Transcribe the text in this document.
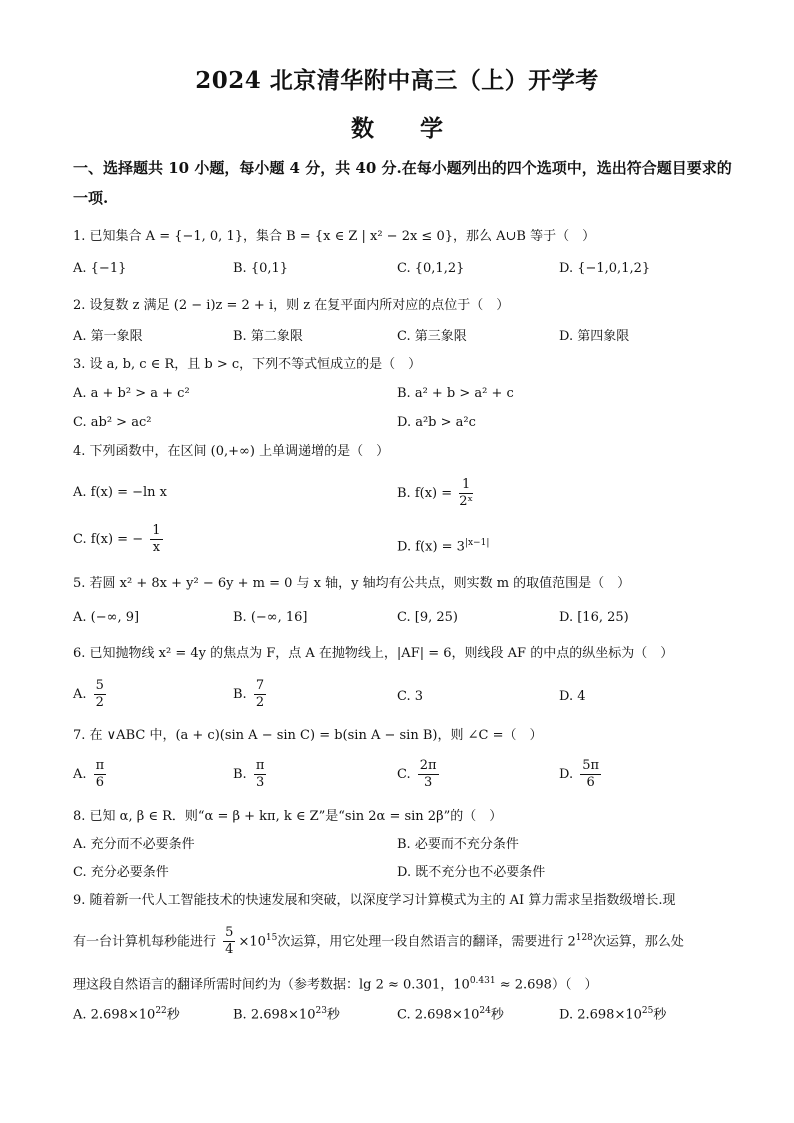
2024 北京清华附中高三（上）开学考
数学
一、选择题共 10 小题，每小题 4 分，共 40 分.在每小题列出的四个选项中，选出符合题目要求的一项.
1. 已知集合 A = {−1, 0, 1}，集合 B = {x ∈ Z | x² − 2x ≤ 0}，那么 A∪B 等于（　）
A. {−1}	B. {0,1}	C. {0,1,2}	D. {−1,0,1,2}
2. 设复数 z 满足 (2 − i)z = 2 + i，则 z 在复平面内所对应的点位于（　）
A. 第一象限	B. 第二象限	C. 第三象限	D. 第四象限
3. 设 a, b, c ∈ R，且 b > c，下列不等式恒成立的是（　）
A. a + b² > a + c²	B. a² + b > a² + c
C. ab² > ac²	D. a²b > a²c
4. 下列函数中，在区间 (0,+∞) 上单调递增的是（　）
A. f(x) = −ln x	B. $f(x) = \frac{1}{\text{2ˣ}}$
C. f(x) = − $\frac{1}{x}$	D. $f(x) = 3^{|x-1|}$
5. 若圆 x² + 8x + y² − 6y + m = 0 与 x 轴，y 轴均有公共点，则实数 m 的取值范围是（　）
A. (−∞, 9]	B. (−∞, 16]	C. [9, 25)	D. [16, 25)
6. 已知抛物线 x² = 4y 的焦点为 F，点 A 在抛物线上，|AF| = 6，则线段 AF 的中点的纵坐标为（　）
A. $\frac{5}{2}$	B. $\frac{7}{2}$	C. 3	D. 4
7. 在 ∨ABC 中，(a + c)(sin A − sin C) = b(sin A − sin B)，则 ∠C =（　）
A. $\frac{\pi}{6}$	B. $\frac{\pi}{3}$	C. $\frac{2\pi}{3}$	D. $\frac{5\pi}{6}$
8. 已知 α, β ∈ R．则“α = β + kπ, k ∈ Z”是“sin 2α = sin 2β”的（　）
A. 充分而不必要条件	B. 必要而不充分条件
C. 充分必要条件	D. 既不充分也不必要条件
9. 随着新一代人工智能技术的快速发展和突破，以深度学习计算模式为主的 AI 算力需求呈指数级增长.现
有一台计算机每秒能进行 $\frac{5}{4} \times 10^{15}$次运算，用它处理一段自然语言的翻译，需要进行 $2^{128}$次运算，那么处
理这段自然语言的翻译所需时间约为（参考数据：lg 2 ≈ 0.301，$10^{0.431} \approx 2.698$）（　）
A. $2.698\times 10^{22}$秒	B. $2.698\times 10^{23}$秒	C. $2.698\times 10^{24}$秒	D. $2.698\times 10^{25}$秒
